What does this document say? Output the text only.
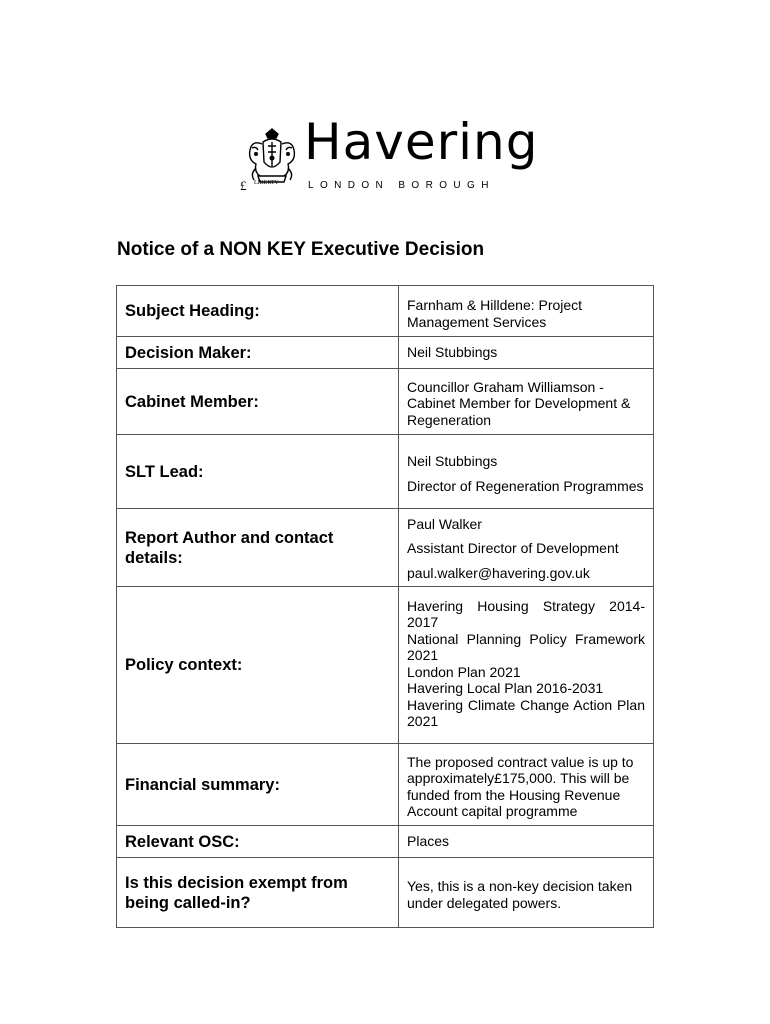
£ LIBERTY
Havering
LONDON BOROUGH
Notice of a NON KEY Executive Decision
Subject Heading:	Farnham & Hilldene: Project Management Services
Decision Maker:	Neil Stubbings
Cabinet Member:	Councillor Graham Williamson - Cabinet Member for Development & Regeneration
SLT Lead:	Neil Stubbings

Director of Regeneration Programmes

Report Author and contact details:	Paul Walker

Assistant Director of Development

paul.walker@havering.gov.uk

Policy context:	Havering Housing Strategy 2014-2017

National Planning Policy Framework 2021

London Plan 2021

Havering Local Plan 2016-2031

Havering Climate Change Action Plan 2021

Financial summary:	The proposed contract value is up to approximately£175,000. This will be funded from the Housing Revenue Account capital programme
Relevant OSC:	Places
Is this decision exempt from being called-in?	Yes, this is a non-key decision taken under delegated powers.
